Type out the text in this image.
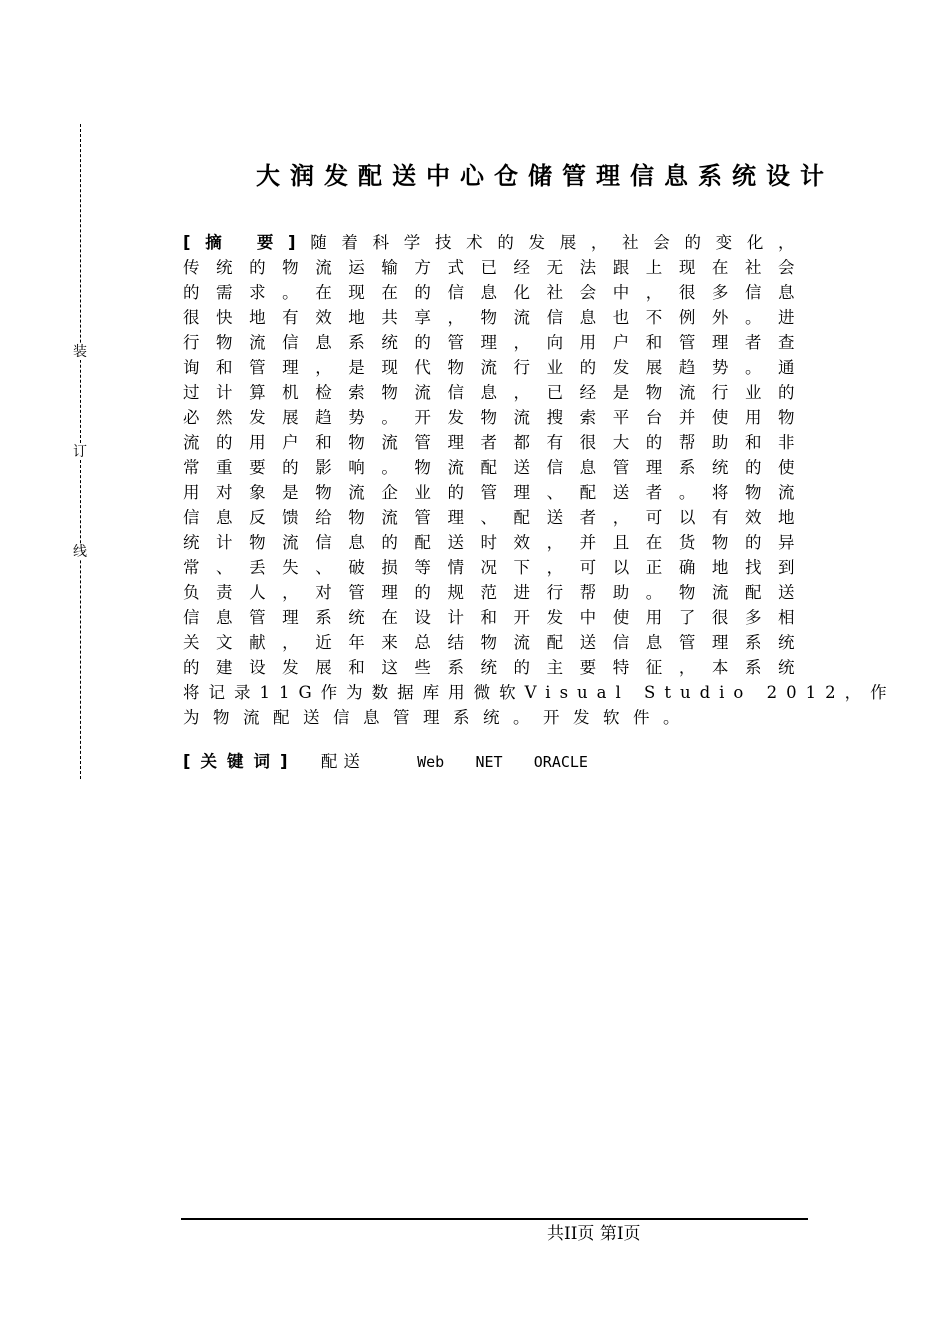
装
订
线
大润发配送中心仓储管理信息系统设计
[摘 要]随着科学技术的发展，社会的变化，
传统的物流运输方式已经无法跟上现在社会
的需求。在现在的信息化社会中，很多信息
很快地有效地共享，物流信息也不例外。进
行物流信息系统的管理，向用户和管理者查
询和管理，是现代物流行业的发展趋势。通
过计算机检索物流信息，已经是物流行业的
必然发展趋势。开发物流搜索平台并使用物
流的用户和物流管理者都有很大的帮助和非
常重要的影响。物流配送信息管理系统的使
用对象是物流企业的管理、配送者。将物流
信息反馈给物流管理、配送者，可以有效地
统计物流信息的配送时效，并且在货物的异
常、丢失、破损等情况下，可以正确地找到
负责人，对管理的规范进行帮助。物流配送
信息管理系统在设计和开发中使用了很多相
关文献，近年来总结物流配送信息管理系统
的建设发展和这些系统的主要特征，本系统
将记录11G作为数据库用微软Visual Studio 2012，作
为物流配送信息管理系统。开发软件。
[关键词] 配送	Web NET ORACLE
共II页 第I页
